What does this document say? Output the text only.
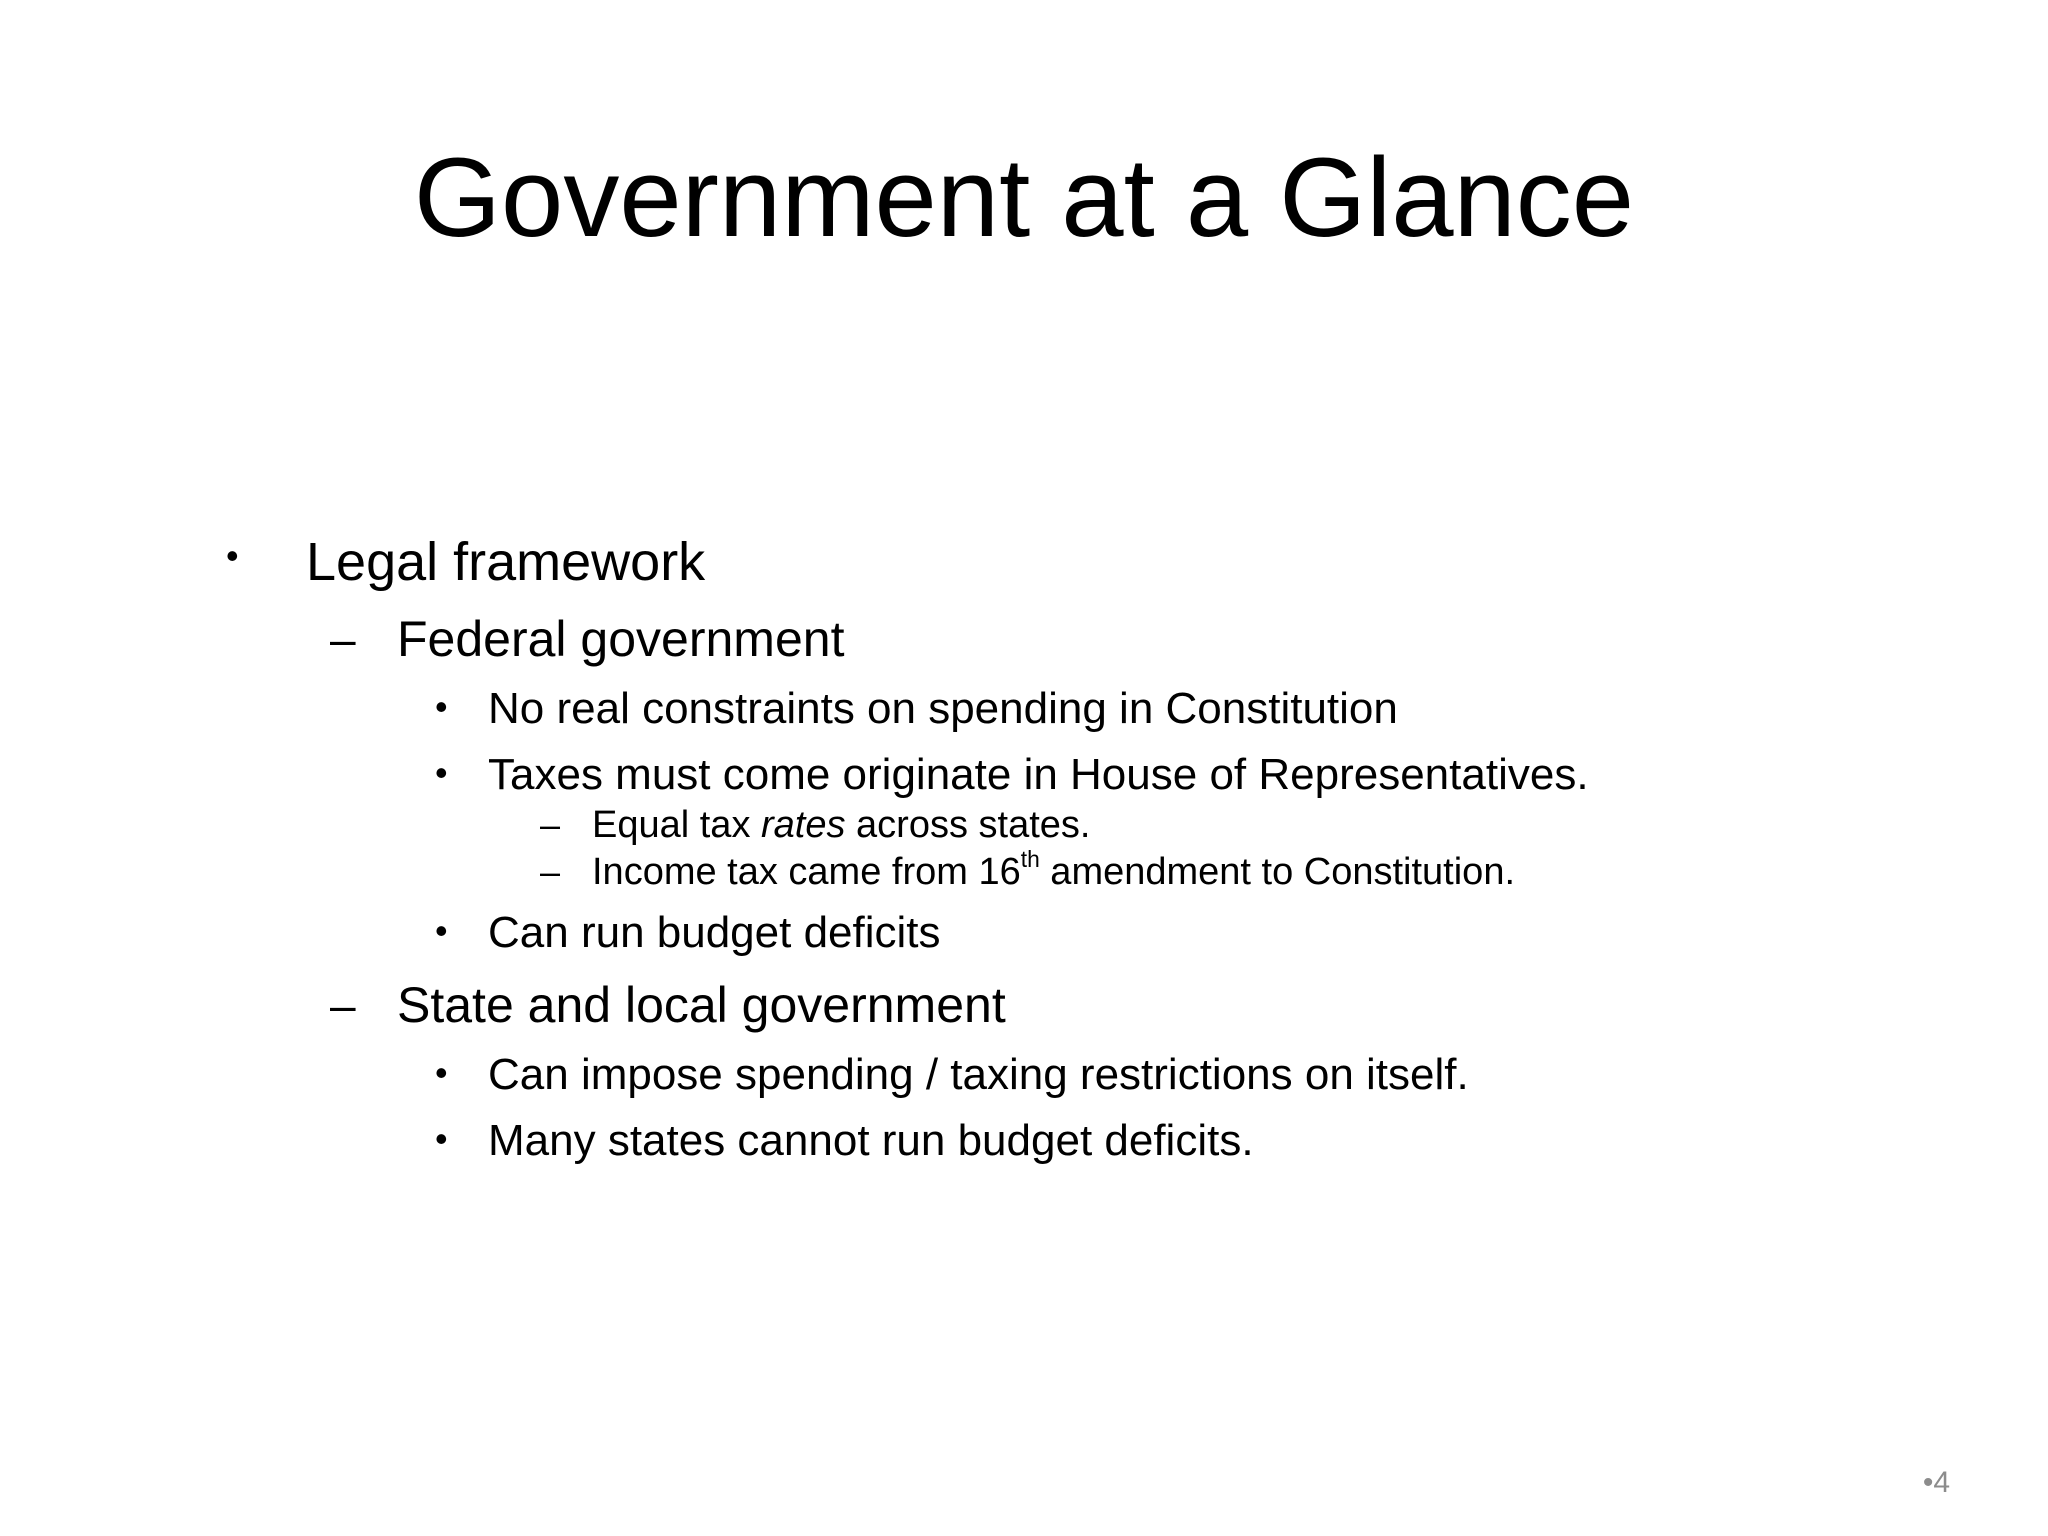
Government at a Glance
• Legal framework
– Federal government
• No real constraints on spending in Constitution
• Taxes must come originate in House of Representatives.
– Equal tax rates across states.
– Income tax came from 16th amendment to Constitution.
• Can run budget deficits
– State and local government
• Can impose spending / taxing restrictions on itself.
• Many states cannot run budget deficits.
•4
